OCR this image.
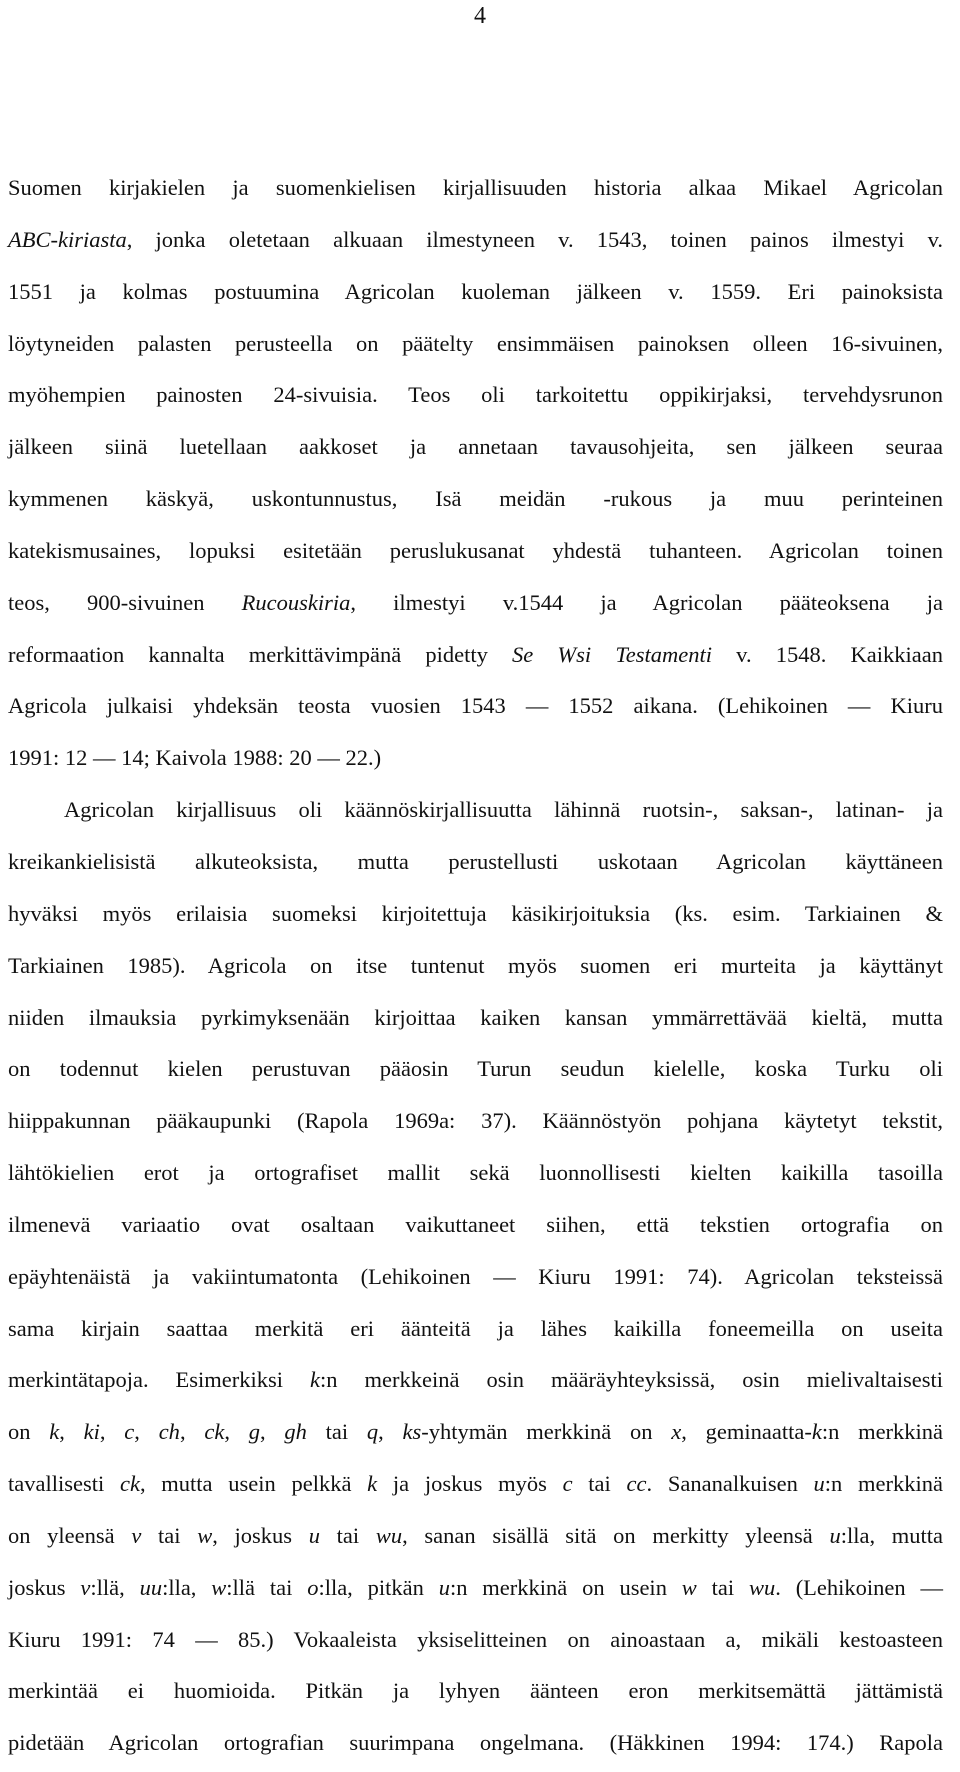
4
Suomen kirjakielen ja suomenkielisen kirjallisuuden historia alkaa Mikael Agricolan
ABC-kiriasta, jonka oletetaan alkuaan ilmestyneen v. 1543, toinen painos ilmestyi v.
1551 ja kolmas postuumina Agricolan kuoleman jälkeen v. 1559. Eri painoksista
löytyneiden palasten perusteella on päätelty ensimmäisen painoksen olleen 16-sivuinen,
myöhempien painosten 24-sivuisia. Teos oli tarkoitettu oppikirjaksi, tervehdysrunon
jälkeen siinä luetellaan aakkoset ja annetaan tavausohjeita, sen jälkeen seuraa
kymmenen käskyä, uskontunnustus, Isä meidän -rukous ja muu perinteinen
katekismusaines, lopuksi esitetään peruslukusanat yhdestä tuhanteen. Agricolan toinen
teos, 900-sivuinen Rucouskiria, ilmestyi v.1544 ja Agricolan pääteoksena ja
reformaation kannalta merkittävimpänä pidetty Se Wsi Testamenti v. 1548. Kaikkiaan
Agricola julkaisi yhdeksän teosta vuosien 1543 — 1552 aikana. (Lehikoinen — Kiuru
1991: 12 — 14; Kaivola 1988: 20 — 22.)
Agricolan kirjallisuus oli käännöskirjallisuutta lähinnä ruotsin-, saksan-, latinan- ja
kreikankielisistä alkuteoksista, mutta perustellusti uskotaan Agricolan käyttäneen
hyväksi myös erilaisia suomeksi kirjoitettuja käsikirjoituksia (ks. esim. Tarkiainen &
Tarkiainen 1985). Agricola on itse tuntenut myös suomen eri murteita ja käyttänyt
niiden ilmauksia pyrkimyksenään kirjoittaa kaiken kansan ymmärrettävää kieltä, mutta
on todennut kielen perustuvan pääosin Turun seudun kielelle, koska Turku oli
hiippakunnan pääkaupunki (Rapola 1969a: 37). Käännöstyön pohjana käytetyt tekstit,
lähtökielien erot ja ortografiset mallit sekä luonnollisesti kielten kaikilla tasoilla
ilmenevä variaatio ovat osaltaan vaikuttaneet siihen, että tekstien ortografia on
epäyhtenäistä ja vakiintumatonta (Lehikoinen — Kiuru 1991: 74). Agricolan teksteissä
sama kirjain saattaa merkitä eri äänteitä ja lähes kaikilla foneemeilla on useita
merkintätapoja. Esimerkiksi k:n merkkeinä osin määräyhteyksissä, osin mielivaltaisesti
on k, ki, c, ch, ck, g, gh tai q, ks-yhtymän merkkinä on x, geminaatta-k:n merkkinä
tavallisesti ck, mutta usein pelkkä k ja joskus myös c tai cc. Sananalkuisen u:n merkkinä
on yleensä v tai w, joskus u tai wu, sanan sisällä sitä on merkitty yleensä u:lla, mutta
joskus v:llä, uu:lla, w:llä tai o:lla, pitkän u:n merkkinä on usein w tai wu. (Lehikoinen —
Kiuru 1991: 74 — 85.) Vokaaleista yksiselitteinen on ainoastaan a, mikäli kestoasteen
merkintää ei huomioida. Pitkän ja lyhyen äänteen eron merkitsemättä jättämistä
pidetään Agricolan ortografian suurimpana ongelmana. (Häkkinen 1994: 174.) Rapola
